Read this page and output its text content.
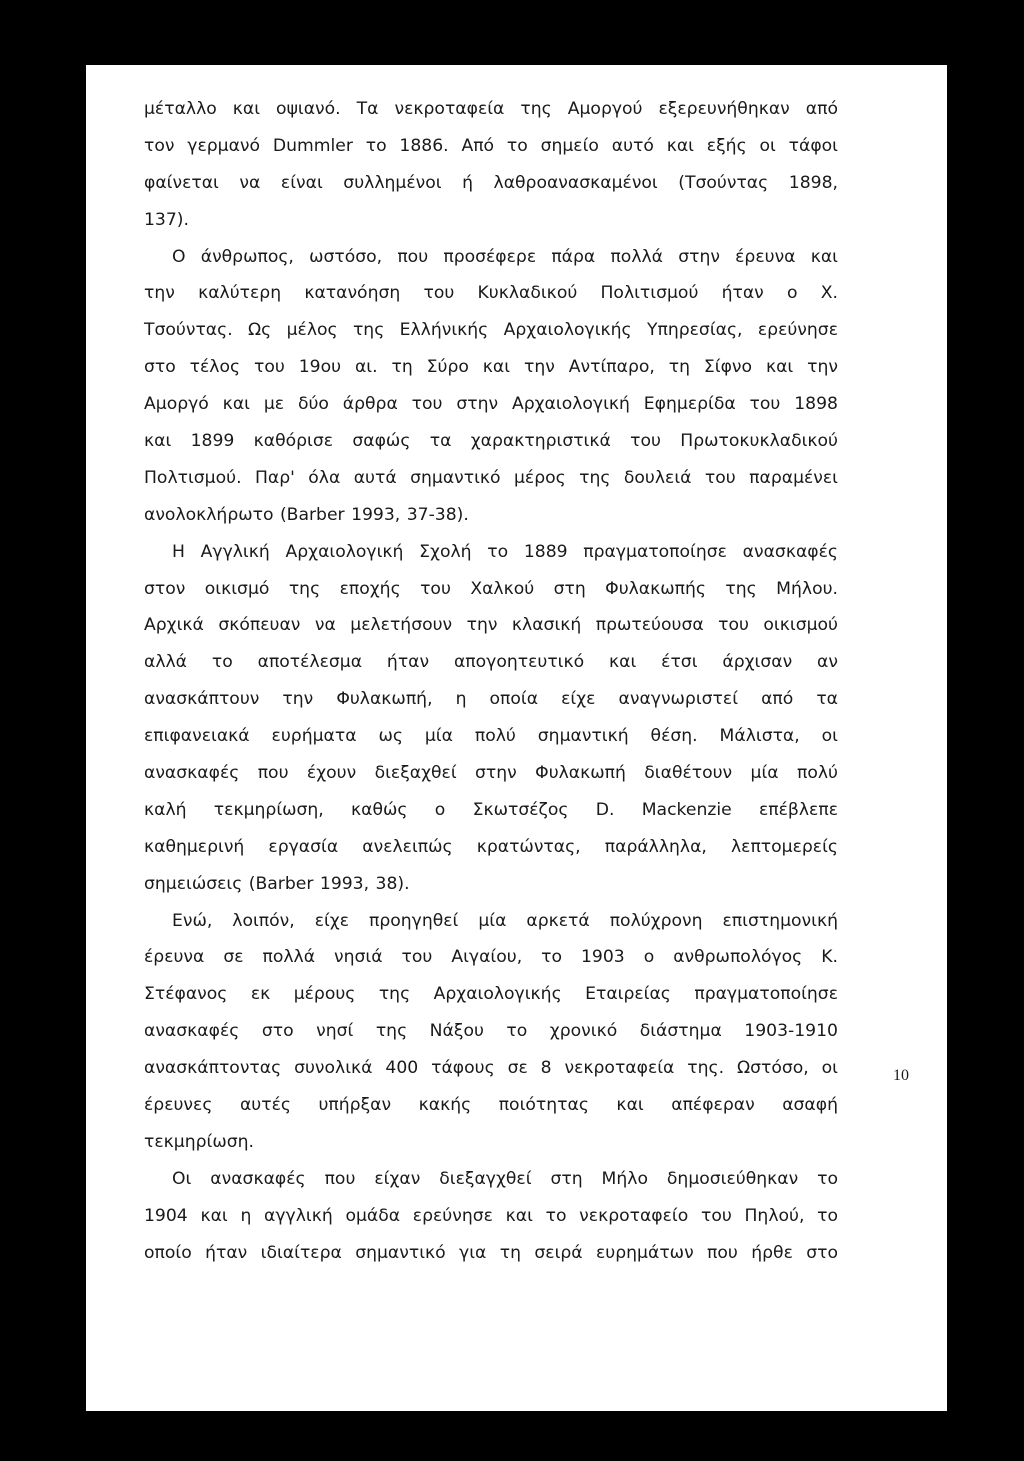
μέταλλο και οψιανό. Τα νεκροταφεία της Αμοργού εξερευνήθηκαν από
τον γερμανό Dummler το 1886. Από το σημείο αυτό και εξής οι τάφοι
φαίνεται να είναι συλλημένοι ή λαθροανασκαμένοι (Τσούντας 1898,
137).
Ο άνθρωπος, ωστόσο, που προσέφερε πάρα πολλά στην έρευνα και
την καλύτερη κατανόηση του Κυκλαδικού Πολιτισμού ήταν ο Χ.
Τσούντας. Ως μέλος της Ελλήνικής Αρχαιολογικής Υπηρεσίας, ερεύνησε
στο τέλος του 19ου αι. τη Σύρο και την Αντίπαρο, τη Σίφνο και την
Αμοργό και με δύο άρθρα του στην Αρχαιολογική Εφημερίδα του 1898
και 1899 καθόρισε σαφώς τα χαρακτηριστικά του Πρωτοκυκλαδικού
Πολτισμού. Παρ' όλα αυτά σημαντικό μέρος της δουλειά του παραμένει
ανολοκλήρωτο (Barber 1993, 37-38).
Η Αγγλική Αρχαιολογική Σχολή το 1889 πραγματοποίησε ανασκαφές
στον οικισμό της εποχής του Χαλκού στη Φυλακωπής της Μήλου.
Αρχικά σκόπευαν να μελετήσουν την κλασική πρωτεύουσα του οικισμού
αλλά το αποτέλεσμα ήταν απογοητευτικό και έτσι άρχισαν αν
ανασκάπτουν την Φυλακωπή, η οποία είχε αναγνωριστεί από τα
επιφανειακά ευρήματα ως μία πολύ σημαντική θέση. Μάλιστα, οι
ανασκαφές που έχουν διεξαχθεί στην Φυλακωπή διαθέτουν μία πολύ
καλή τεκμηρίωση, καθώς ο Σκωτσέζος D. Mackenzie επέβλεπε
καθημερινή εργασία ανελειπώς κρατώντας, παράλληλα, λεπτομερείς
σημειώσεις (Barber 1993, 38).
Ενώ, λοιπόν, είχε προηγηθεί μία αρκετά πολύχρονη επιστημονική
έρευνα σε πολλά νησιά του Αιγαίου, το 1903 ο ανθρωπολόγος Κ.
Στέφανος εκ μέρους της Αρχαιολογικής Εταιρείας πραγματοποίησε
ανασκαφές στο νησί της Νάξου το χρονικό διάστημα 1903-1910
ανασκάπτοντας συνολικά 400 τάφους σε 8 νεκροταφεία της. Ωστόσο, οι
έρευνες αυτές υπήρξαν κακής ποιότητας και απέφεραν ασαφή
τεκμηρίωση.
Οι ανασκαφές που είχαν διεξαγχθεί στη Μήλο δημοσιεύθηκαν το
1904 και η αγγλική ομάδα ερεύνησε και το νεκροταφείο του Πηλού, το
οποίο ήταν ιδιαίτερα σημαντικό για τη σειρά ευρημάτων που ήρθε στο
10
